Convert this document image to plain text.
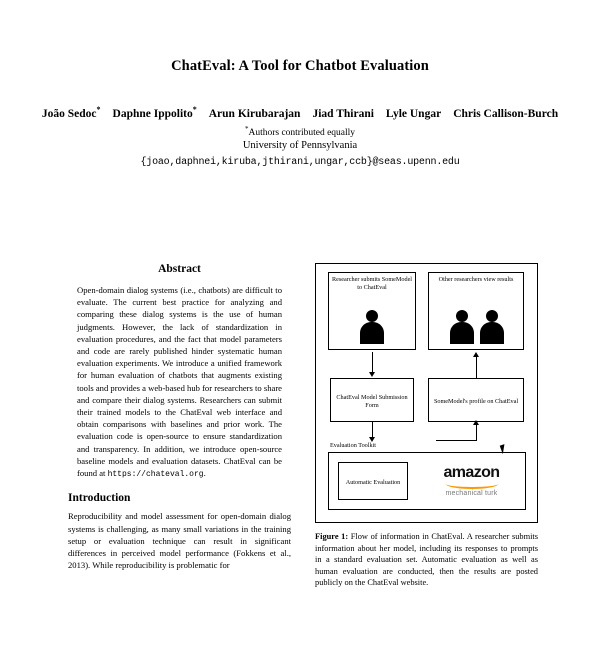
ChatEval: A Tool for Chatbot Evaluation
João Sedoc* Daphne Ippolito* Arun Kirubarajan Jiad Thirani Lyle Ungar Chris Callison-Burch
*Authors contributed equally
University of Pennsylvania
{joao,daphnei,kiruba,jthirani,ungar,ccb}@seas.upenn.edu
Abstract
Open-domain dialog systems (i.e., chatbots) are difficult to evaluate. The current best practice for analyzing and comparing these dialog systems is the use of human judgments. However, the lack of standardization in evaluation procedures, and the fact that model parameters and code are rarely published hinder systematic human evaluation experiments. We introduce a unified framework for human evaluation of chatbots that augments existing tools and provides a web-based hub for researchers to share and compare their dialog systems. Researchers can submit their trained models to the ChatEval web interface and obtain comparisons with baselines and prior work. The evaluation code is open-source to ensure standardization and transparency. In addition, we introduce open-source baseline models and evaluation datasets. ChatEval can be found at https://chateval.org.
Introduction
Reproducibility and model assessment for open-domain dialog systems is challenging, as many small variations in the training setup or evaluation technique can result in significant differences in perceived model performance (Fokkens et al., 2013). While reproducibility is problematic for
Researcher submits SomeModel to ChatEval
Other researchers view results
ChatEval Model Submission Form
SomeModel's profile on ChatEval
Evaluation Toolkit
Automatic Evaluation
amazon
mechanical turk
Figure 1: Flow of information in ChatEval. A researcher submits information about her model, including its responses to prompts in a standard evaluation set. Automatic evaluation as well as human evaluation are conducted, then the results are posted publicly on the ChatEval website.
